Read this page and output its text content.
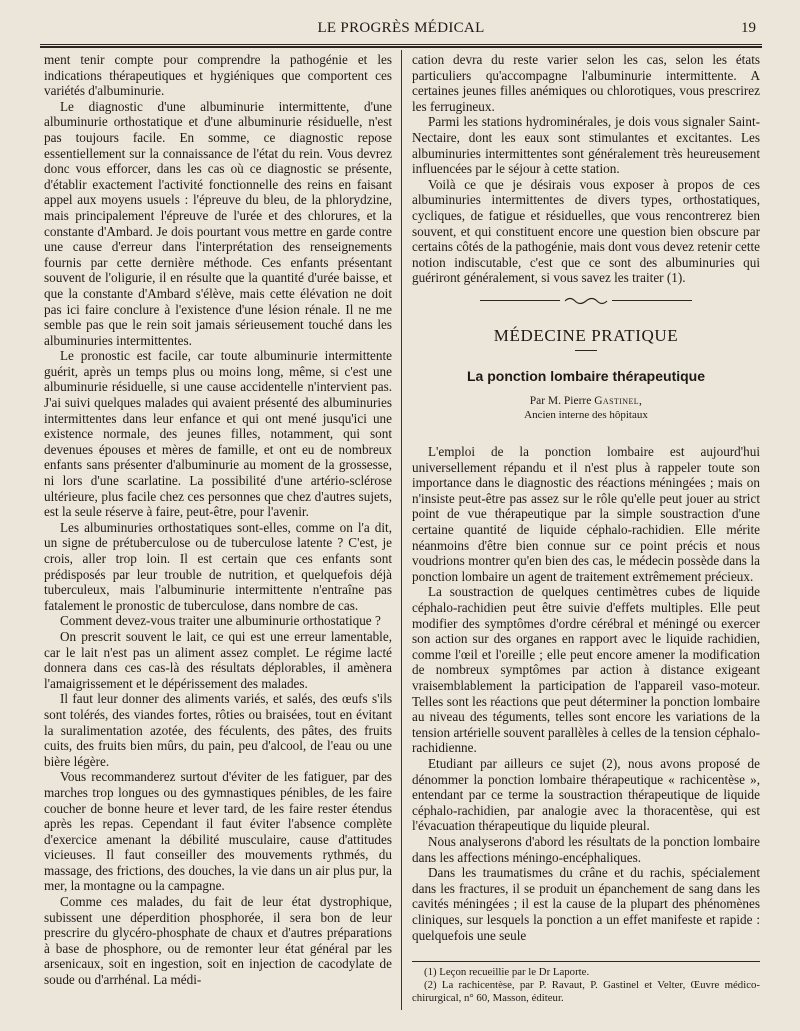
LE PROGRÈS MÉDICAL	19

ment tenir compte pour comprendre la pathogénie et les indications thérapeutiques et hygiéniques que comportent ces variétés d'albuminurie.

Le diagnostic d'une albuminurie intermittente, d'une albuminurie orthostatique et d'une albuminurie résiduelle, n'est pas toujours facile. En somme, ce diagnostic repose essentiellement sur la connaissance de l'état du rein. Vous devrez donc vous efforcer, dans les cas où ce diagnostic se présente, d'établir exactement l'activité fonctionnelle des reins en faisant appel aux moyens usuels : l'épreuve du bleu, de la phlorydzine, mais principalement l'épreuve de l'urée et des chlorures, et la constante d'Ambard. Je dois pourtant vous mettre en garde contre une cause d'erreur dans l'interprétation des renseignements fournis par cette dernière méthode. Ces enfants présentant souvent de l'oligurie, il en résulte que la quantité d'urée baisse, et que la constante d'Ambard s'élève, mais cette élévation ne doit pas ici faire conclure à l'existence d'une lésion rénale. Il ne me semble pas que le rein soit jamais sérieusement touché dans les albuminuries intermittentes.

Le pronostic est facile, car toute albuminurie intermittente guérit, après un temps plus ou moins long, même, si c'est une albuminurie résiduelle, si une cause accidentelle n'intervient pas. J'ai suivi quelques malades qui avaient présenté des albuminuries intermittentes dans leur enfance et qui ont mené jusqu'ici une existence normale, des jeunes filles, notamment, qui sont devenues épouses et mères de famille, et ont eu de nombreux enfants sans présenter d'albuminurie au moment de la grossesse, ni lors d'une scarlatine. La possibilité d'une artério-sclérose ultérieure, plus facile chez ces personnes que chez d'autres sujets, est la seule réserve à faire, peut-être, pour l'avenir.

Les albuminuries orthostatiques sont-elles, comme on l'a dit, un signe de prétuberculose ou de tuberculose latente ? C'est, je crois, aller trop loin. Il est certain que ces enfants sont prédisposés par leur trouble de nutrition, et quelquefois déjà tuberculeux, mais l'albuminurie intermittente n'entraîne pas fatalement le pronostic de tuberculose, dans nombre de cas.

Comment devez-vous traiter une albuminurie orthostatique ?

On prescrit souvent le lait, ce qui est une erreur lamentable, car le lait n'est pas un aliment assez complet. Le régime lacté donnera dans ces cas-là des résultats déplorables, il amènera l'amaigrissement et le dépérissement des malades.

Il faut leur donner des aliments variés, et salés, des œufs s'ils sont tolérés, des viandes fortes, rôties ou braisées, tout en évitant la suralimentation azotée, des féculents, des pâtes, des fruits cuits, des fruits bien mûrs, du pain, peu d'alcool, de l'eau ou une bière légère.

Vous recommanderez surtout d'éviter de les fatiguer, par des marches trop longues ou des gymnastiques pénibles, de les faire coucher de bonne heure et lever tard, de les faire rester étendus après les repas. Cependant il faut éviter l'absence complète d'exercice amenant la débilité musculaire, cause d'attitudes vicieuses. Il faut conseiller des mouvements rythmés, du massage, des frictions, des douches, la vie dans un air plus pur, la mer, la montagne ou la campagne.

Comme ces malades, du fait de leur état dystrophique, subissent une déperdition phosphorée, il sera bon de leur prescrire du glycéro-phosphate de chaux et d'autres préparations à base de phosphore, ou de remonter leur état général par les arsenicaux, soit en ingestion, soit en injection de cacodylate de soude ou d'arrhénal. La médi-

cation devra du reste varier selon les cas, selon les états particuliers qu'accompagne l'albuminurie intermittente. A certaines jeunes filles anémiques ou chlorotiques, vous prescrirez les ferrugineux.

Parmi les stations hydrominérales, je dois vous signaler Saint-Nectaire, dont les eaux sont stimulantes et excitantes. Les albuminuries intermittentes sont généralement très heureusement influencées par le séjour à cette station.

Voilà ce que je désirais vous exposer à propos de ces albuminuries intermittentes de divers types, orthostatiques, cycliques, de fatigue et résiduelles, que vous rencontrerez bien souvent, et qui constituent encore une question bien obscure par certains côtés de la pathogénie, mais dont vous devez retenir cette notion indiscutable, c'est que ce sont des albuminuries qui guériront généralement, si vous savez les traiter (1).

MÉDECINE PRATIQUE
La ponction lombaire thérapeutique
Par M. Pierre Gastinel,
Ancien interne des hôpitaux

L'emploi de la ponction lombaire est aujourd'hui universellement répandu et il n'est plus à rappeler toute son importance dans le diagnostic des réactions méningées ; mais on n'insiste peut-être pas assez sur le rôle qu'elle peut jouer au strict point de vue thérapeutique par la simple soustraction d'une certaine quantité de liquide céphalo-rachidien. Elle mérite néanmoins d'être bien connue sur ce point précis et nous voudrions montrer qu'en bien des cas, le médecin possède dans la ponction lombaire un agent de traitement extrêmement précieux.

La soustraction de quelques centimètres cubes de liquide céphalo-rachidien peut être suivie d'effets multiples. Elle peut modifier des symptômes d'ordre cérébral et méningé ou exercer son action sur des organes en rapport avec le liquide rachidien, comme l'œil et l'oreille ; elle peut encore amener la modification de nombreux symptômes par action à distance exigeant vraisemblablement la participation de l'appareil vaso-moteur. Telles sont les réactions que peut déterminer la ponction lombaire au niveau des téguments, telles sont encore les variations de la tension artérielle souvent parallèles à celles de la tension céphalo-rachidienne.

Etudiant par ailleurs ce sujet (2), nous avons proposé de dénommer la ponction lombaire thérapeutique « rachicentèse », entendant par ce terme la soustraction thérapeutique de liquide céphalo-rachidien, par analogie avec la thoracentèse, qui est l'évacuation thérapeutique du liquide pleural.

Nous analyserons d'abord les résultats de la ponction lombaire dans les affections méningo-encéphaliques.

Dans les traumatismes du crâne et du rachis, spécialement dans les fractures, il se produit un épanchement de sang dans les cavités méningées ; il est la cause de la plupart des phénomènes cliniques, sur lesquels la ponction a un effet manifeste et rapide : quelquefois une seule

(1) Leçon recueillie par le Dr Laporte.

(2) La rachicentèse, par P. Ravaut, P. Gastinel et Velter, Œuvre médico-chirurgical, n° 60, Masson, éditeur.
